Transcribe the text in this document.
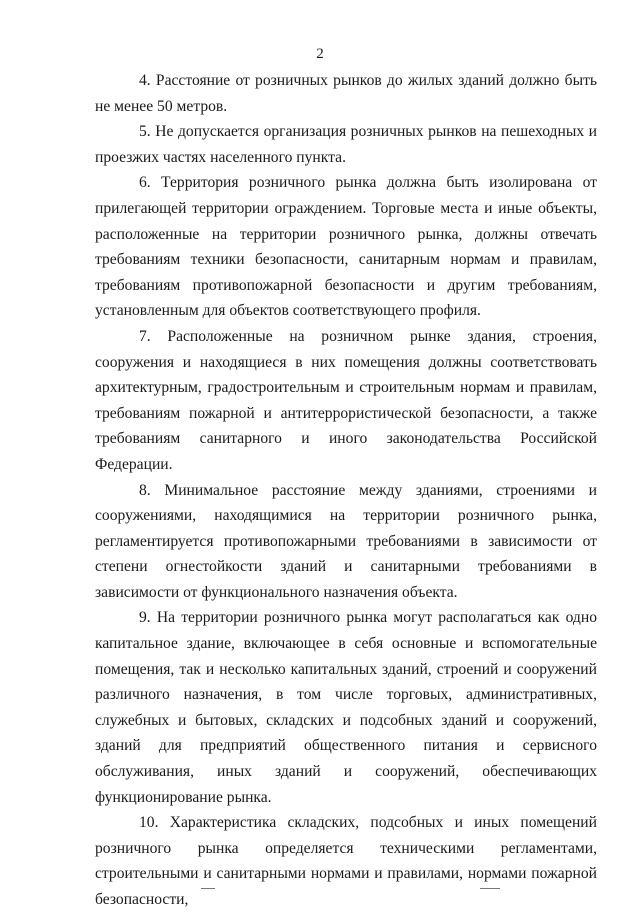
2

4. Расстояние от розничных рынков до жилых зданий должно быть не менее 50 метров.

5. Не допускается организация розничных рынков на пешеходных и проезжих частях населенного пункта.

6. Территория розничного рынка должна быть изолирована от прилегающей территории ограждением. Торговые места и иные объекты, расположенные на территории розничного рынка, должны отвечать требованиям техники безопасности, санитарным нормам и правилам, требованиям противопожарной безопасности и другим требованиям, установленным для объектов соответствующего профиля.

7. Расположенные на розничном рынке здания, строения, сооружения и находящиеся в них помещения должны соответствовать архитектурным, градостроительным и строительным нормам и правилам, требованиям пожарной и антитеррористической безопасности, а также требованиям санитарного и иного законодательства Российской Федерации.

8. Минимальное расстояние между зданиями, строениями и сооружениями, находящимися на территории розничного рынка, регламентируется противопожарными требованиями в зависимости от степени огнестойкости зданий и санитарными требованиями в зависимости от функционального назначения объекта.

9. На территории розничного рынка могут располагаться как одно капитальное здание, включающее в себя основные и вспомогательные помещения, так и несколько капитальных зданий, строений и сооружений различного назначения, в том числе торговых, административных, служебных и бытовых, складских и подсобных зданий и сооружений, зданий для предприятий общественного питания и сервисного обслуживания, иных зданий и сооружений, обеспечивающих функционирование рынка.

10. Характеристика складских, подсобных и иных помещений розничного рынка определяется техническими регламентами, строительными и санитарными нормами и правилами, нормами пожарной безопасности,
